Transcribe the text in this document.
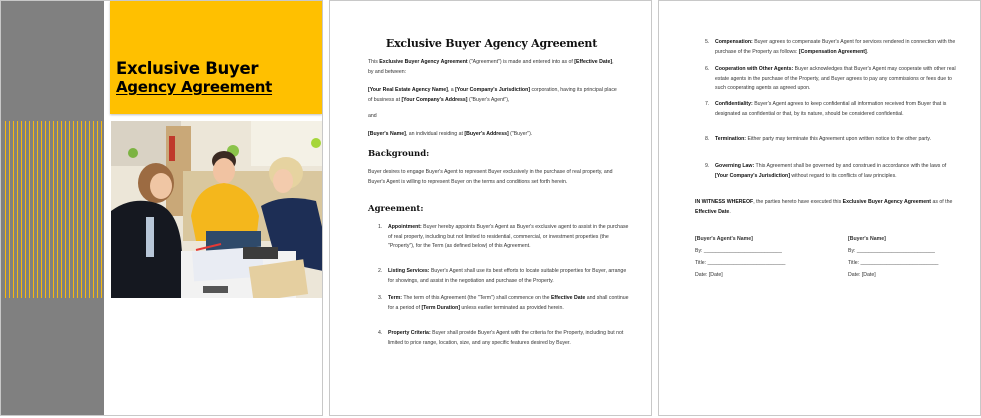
Exclusive Buyer
Agency Agreement
Exclusive Buyer Agency Agreement
This Exclusive Buyer Agency Agreement ("Agreement") is made and entered into as of [Effective Date], by and between:
[Your Real Estate Agency Name], a [Your Company's Jurisdiction] corporation, having its principal place of business at [Your Company's Address] ("Buyer's Agent"),
and
[Buyer's Name], an individual residing at [Buyer's Address] ("Buyer").
Background:
Buyer desires to engage Buyer's Agent to represent Buyer exclusively in the purchase of real property, and Buyer's Agent is willing to represent Buyer on the terms and conditions set forth herein.
Agreement:
1. Appointment: Buyer hereby appoints Buyer's Agent as Buyer's exclusive agent to assist in the purchase of real property, including but not limited to residential, commercial, or investment properties (the "Property"), for the Term (as defined below) of this Agreement.
2. Listing Services: Buyer's Agent shall use its best efforts to locate suitable properties for Buyer, arrange for showings, and assist in the negotiation and purchase of the Property.
3. Term: The term of this Agreement (the "Term") shall commence on the Effective Date and shall continue for a period of [Term Duration] unless earlier terminated as provided herein.
4. Property Criteria: Buyer shall provide Buyer's Agent with the criteria for the Property, including but not limited to price range, location, size, and any specific features desired by Buyer.
5. Compensation: Buyer agrees to compensate Buyer's Agent for services rendered in connection with the purchase of the Property as follows: [Compensation Agreement].
6. Cooperation with Other Agents: Buyer acknowledges that Buyer's Agent may cooperate with other real estate agents in the purchase of the Property, and Buyer agrees to pay any commissions or fees due to such cooperating agents as agreed upon.
7. Confidentiality: Buyer's Agent agrees to keep confidential all information received from Buyer that is designated as confidential or that, by its nature, should be considered confidential.
8. Termination: Either party may terminate this Agreement upon written notice to the other party.
9. Governing Law: This Agreement shall be governed by and construed in accordance with the laws of [Your Company's Jurisdiction] without regard to its conflicts of law principles.
IN WITNESS WHEREOF, the parties hereto have executed this Exclusive Buyer Agency Agreement as of the Effective Date.
[Buyer's Agent's Name]
By: ___________________________
Title: ___________________________
Date: [Date]
[Buyer's Name]
By: ___________________________
Title: ___________________________
Date: [Date]
